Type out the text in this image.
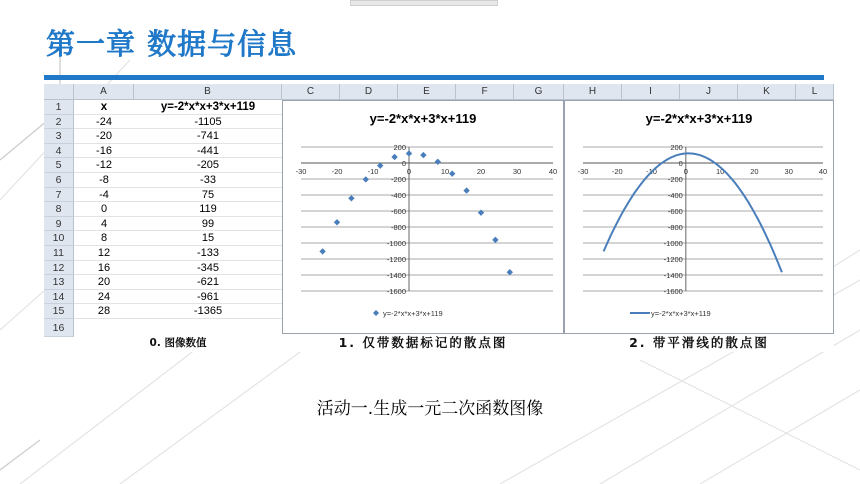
第一章 数据与信息
A	B	C	D	E	F	G	H	I	J	K	L
1
2
3
4
5
6
7
8
9
10
11
12
13
14
15
16
x	y=-2*x*x+3*x+119
-24	-1105
-20	-741
-16	-441
-12	-205
-8	-33
-4	75
0	119
4	99
8	15
12	-133
16	-345
20	-621
24	-961
28	-1365
0. 图像数值	1. 仅带数据标记的散点图	2. 带平滑线的散点图
200
0
-200
-400
-600
-800
-1000
-1200
-1400
-1600
-30	-20	-10	0	10	20	30	40
y=-2*x*x+3*x+119
y=-2*x*x+3*x+119
200
0
-200
-400
-600
-800
-1000
-1200
-1400
-1600
-30	-20	-10	0	10	20	30	40
y=-2*x*x+3*x+119
y=-2*x*x+3*x+119
活动一.生成一元二次函数图像
